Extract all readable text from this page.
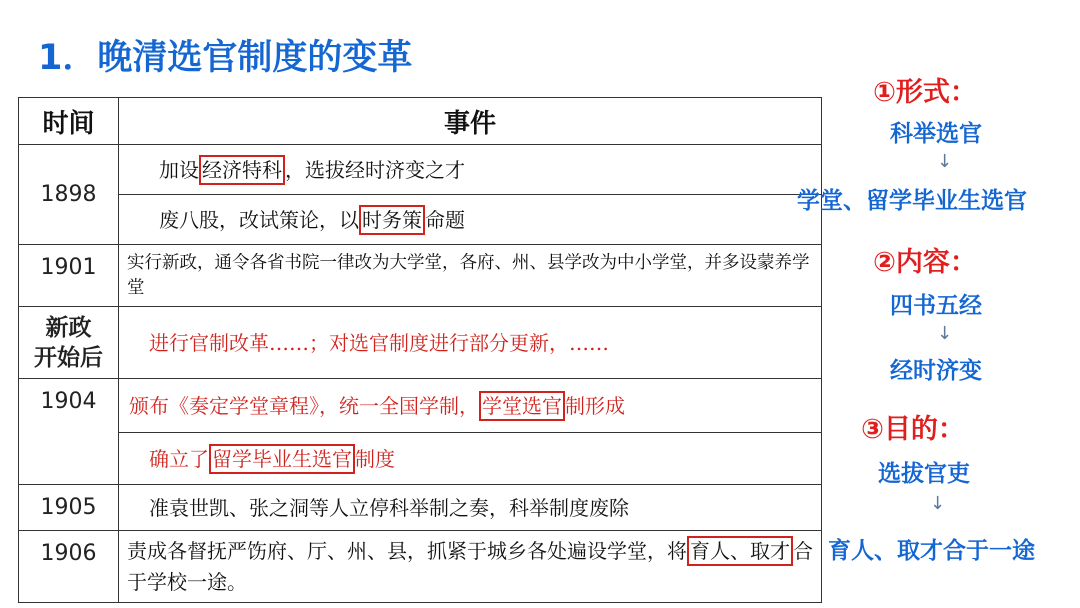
1．晚清选官制度的变革
时间	事件
1898	加设 经济特科 ，选拔经时济变之才
	废八股，改试策论，以 时务策 命题
1901	实行新政，通令各省书院一律改为大学堂，各府、州、县学改为中小学堂，并多设蒙养学堂

新政
开始后	进行官制改革……；对选官制度进行部分更新，……
1904	颁布《奏定学堂章程》，统一全国学制， 学堂选官 制形成
	确立了 留学毕业生选官 制度
1905	准袁世凯、张之洞等人立停科举制之奏，科举制度废除
1906	责成各督抚严饬府、厅、州、县，抓紧于城乡各处遍设学堂，将 育人、取才 合于学校一途。
①形式：
科举选官
↓
学堂、留学毕业生选官
②内容：
四书五经
↓
经时济变
③目的：
选拔官吏
↓
育人、取才合于一途
